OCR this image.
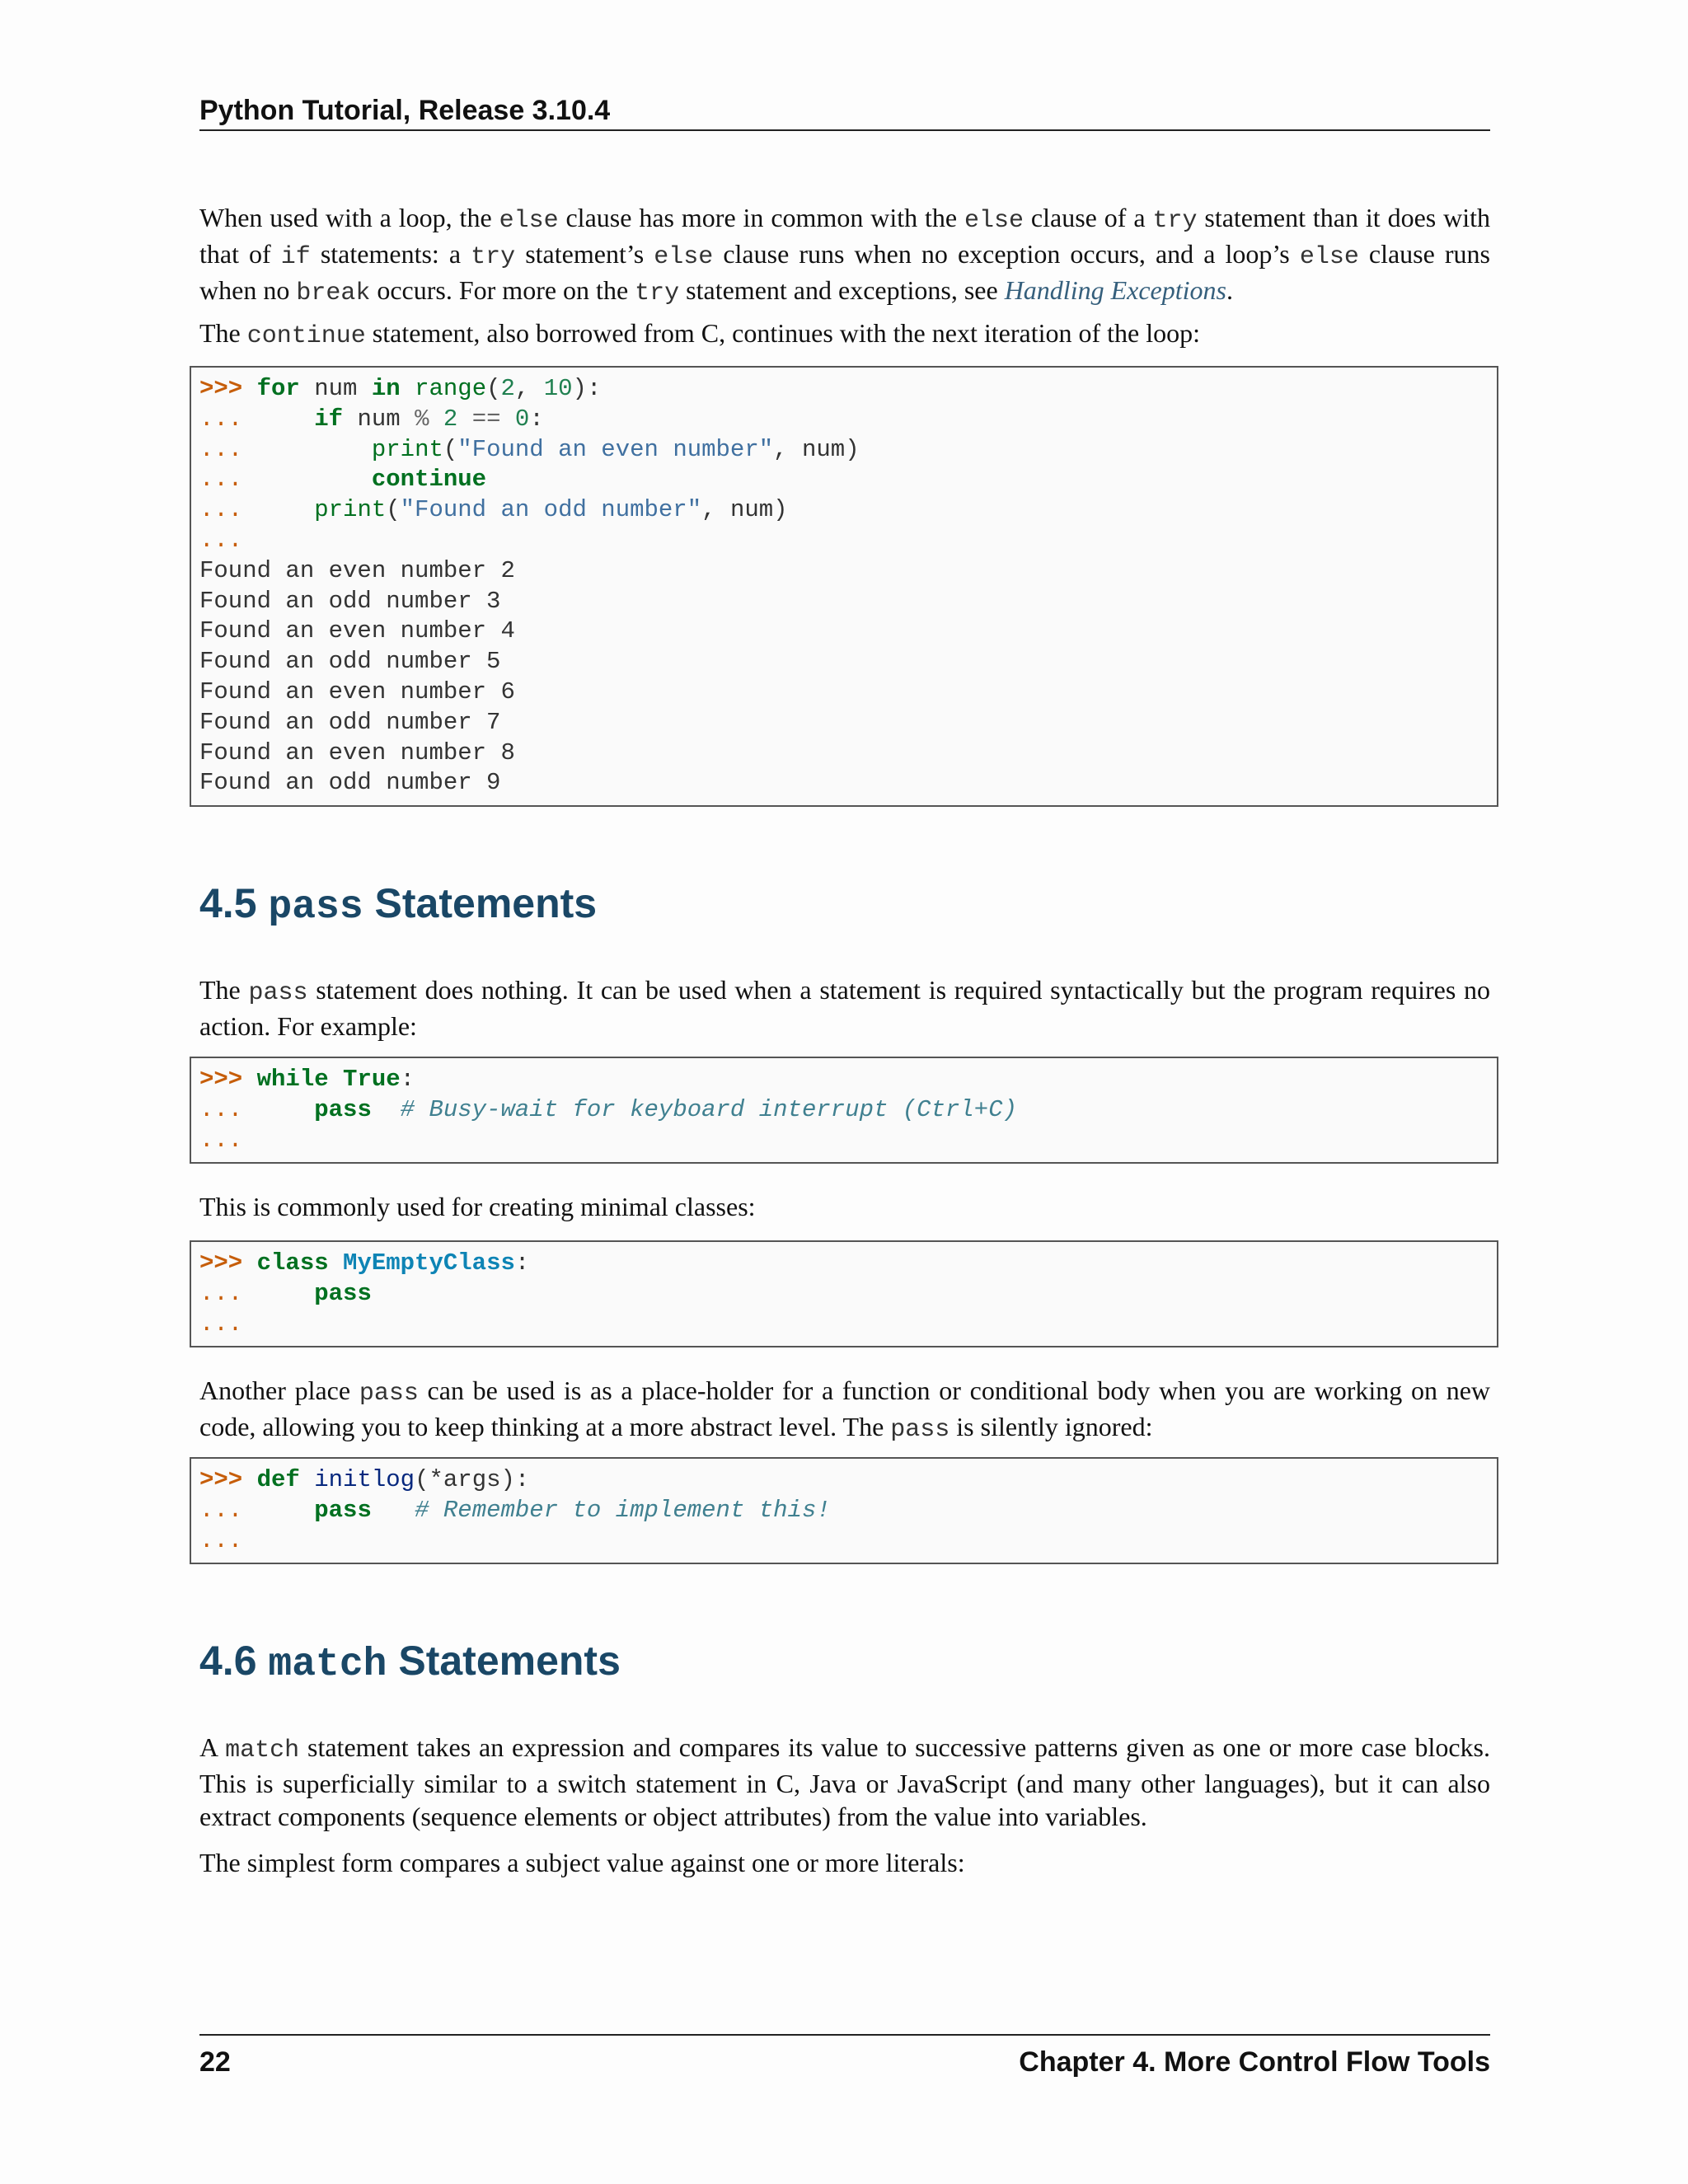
Python Tutorial, Release 3.10.4

When used with a loop, the else clause has more in common with the else clause of a try statement than it does with that of if statements: a try statement’s else clause runs when no exception occurs, and a loop’s else clause runs when no break occurs. For more on the try statement and exceptions, see Handling Exceptions.

The continue statement, also borrowed from C, continues with the next iteration of the loop:

>>> for num in range(2, 10):
...	if num % 2 == 0:
...	print("Found an even number", num)
...	continue
...	print("Found an odd number", num)
...
Found an even number 2
Found an odd number 3
Found an even number 4
Found an odd number 5
Found an even number 6
Found an odd number 7
Found an even number 8
Found an odd number 9
4.5 pass Statements

The pass statement does nothing. It can be used when a statement is required syntactically but the program requires no action. For example:

>>> while True:
...	pass # Busy-wait for keyboard interrupt (Ctrl+C)
...

This is commonly used for creating minimal classes:

>>> class MyEmptyClass:
...	pass
...

Another place pass can be used is as a place-holder for a function or conditional body when you are working on new code, allowing you to keep thinking at a more abstract level. The pass is silently ignored:

>>> def initlog(*args):
...	pass # Remember to implement this!
...
4.6 match Statements

A match statement takes an expression and compares its value to successive patterns given as one or more case blocks. This is superficially similar to a switch statement in C, Java or JavaScript (and many other languages), but it can also extract components (sequence elements or object attributes) from the value into variables.

The simplest form compares a subject value against one or more literals:

22	Chapter 4. More Control Flow Tools
